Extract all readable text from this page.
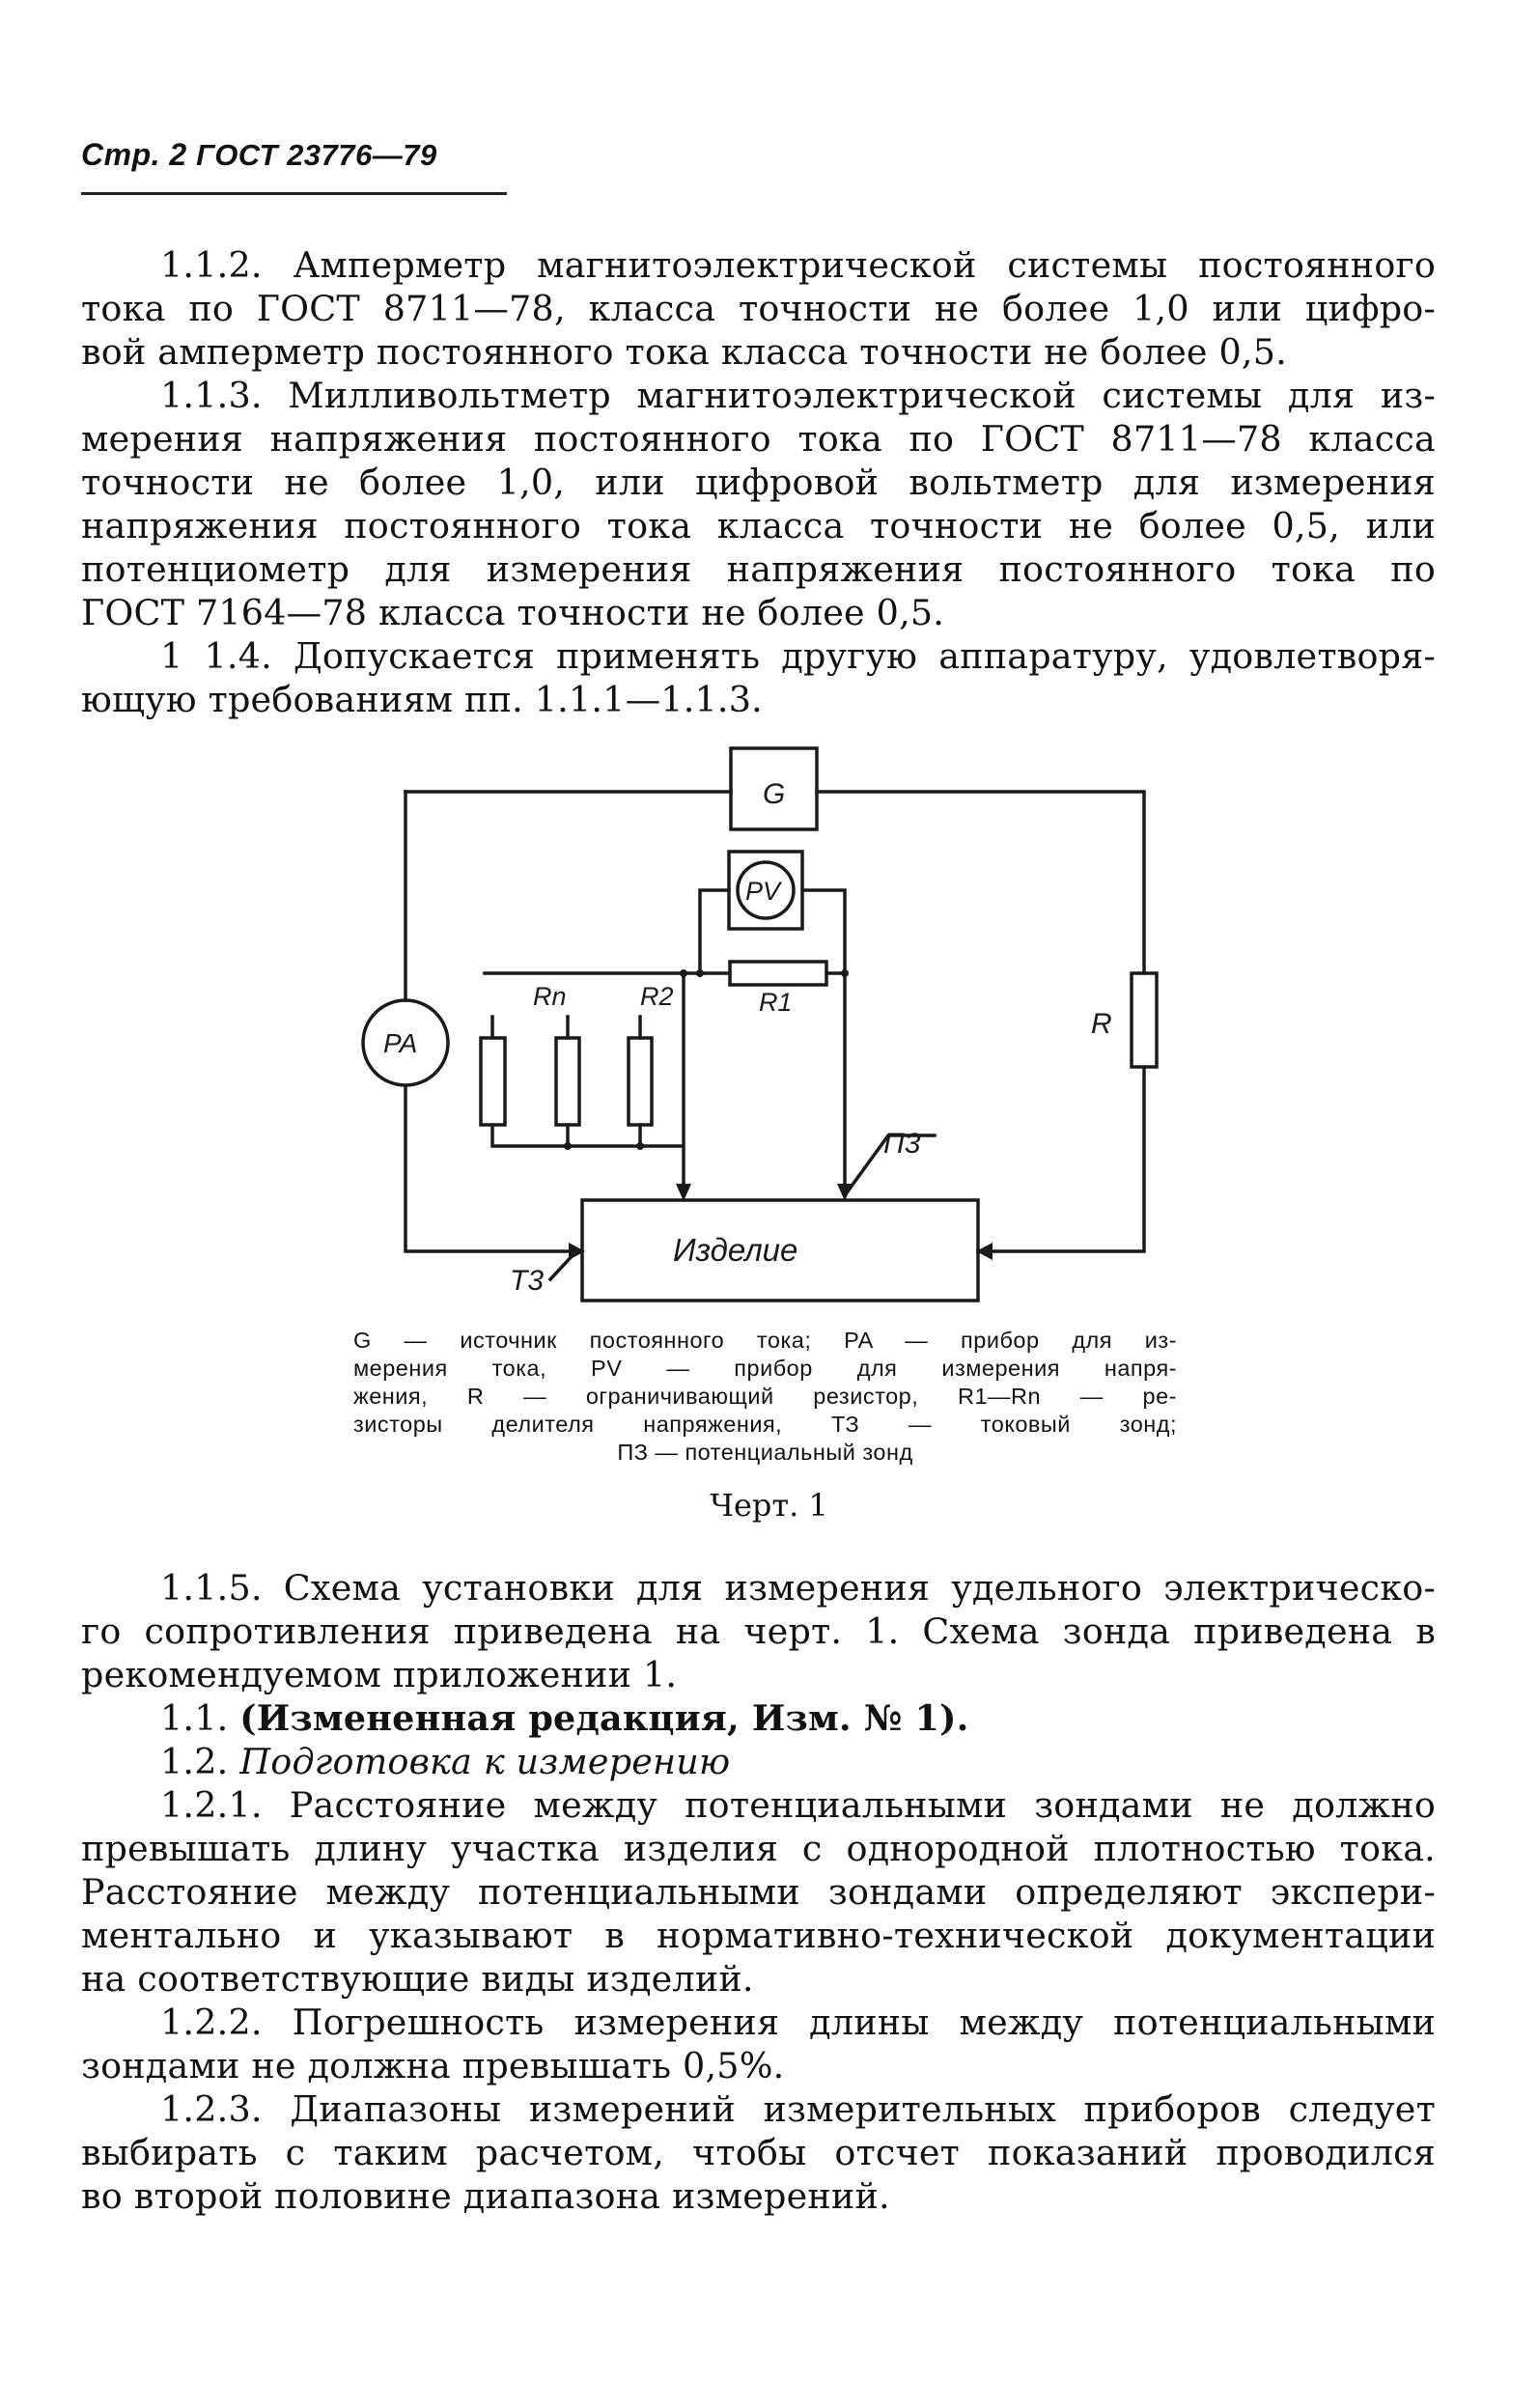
Стр. 2 ГОСТ 23776—79
1.1.2. Амперметр магнитоэлектрической системы постоянного
тока по ГОСТ 8711—78, класса точности не более 1,0 или цифро-
вой амперметр постоянного тока класса точности не более 0,5.
1.1.3. Милливольтметр магнитоэлектрической системы для из-
мерения напряжения постоянного тока по ГОСТ 8711—78 класса
точности не более 1,0, или цифровой вольтметр для измерения
напряжения постоянного тока класса точности не более 0,5, или
потенциометр для измерения напряжения постоянного тока по
ГОСТ 7164—78 класса точности не более 0,5.
1 1.4. Допускается применять другую аппаратуру, удовлетворя-
ющую требованиям пп. 1.1.1—1.1.3.
G
PV
PA
R
Rn	R2	R1
П3
Т3
Изделие
G — источник постоянного тока; PA — прибор для из-
мерения тока, PV — прибор для измерения напря-
жения, R — ограничивающий резистор, R1—Rn — ре-
зисторы делителя напряжения, ТЗ — токовый зонд;
ПЗ — потенциальный зонд
Черт. 1
1.1.5. Схема установки для измерения удельного электрическо-
го сопротивления приведена на черт. 1. Схема зонда приведена в
рекомендуемом приложении 1.
1.1. (Измененная редакция, Изм. № 1).
1.2. Подготовка к измерению
1.2.1. Расстояние между потенциальными зондами не должно
превышать длину участка изделия с однородной плотностью тока.
Расстояние между потенциальными зондами определяют экспери-
ментально и указывают в нормативно-технической документации
на соответствующие виды изделий.
1.2.2. Погрешность измерения длины между потенциальными
зондами не должна превышать 0,5%.
1.2.3. Диапазоны измерений измерительных приборов следует
выбирать с таким расчетом, чтобы отсчет показаний проводился
во второй половине диапазона измерений.
